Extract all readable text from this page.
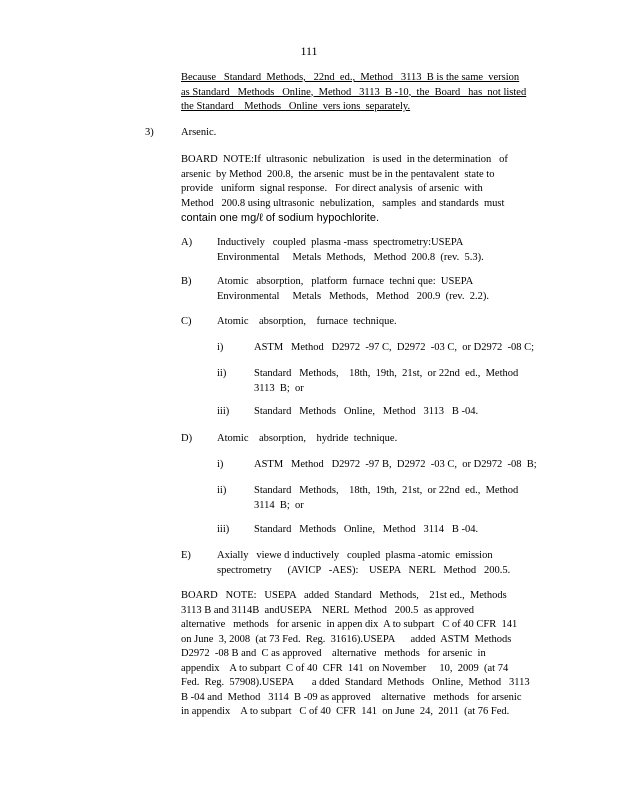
111

Because   Standard  Methods,   22nd  ed.,  Method   3113  B is the same  version

as Standard   Methods   Online,  Method   3113  B -10,  the  Board   has  not listed

the Standard    Methods   Online  vers ions  separately.

3)	Arsenic.

BOARD  NOTE:If  ultrasonic  nebulization   is used  in the determination   of

arsenic  by Method  200.8,  the arsenic  must be in the pentavalent  state to

provide   uniform  signal response.   For direct analysis  of arsenic  with

Method   200.8 using ultrasonic  nebulization,   samples  and standards  must

contain one mg/ℓ of sodium hypochlorite.

A) Inductively   coupled  plasma -mass  spectrometry:USEPA

Environmental     Metals  Methods,   Method  200.8  (rev.  5.3).

B) Atomic   absorption,   platform  furnace  techni que:  USEPA

Environmental     Metals   Methods,   Method   200.9  (rev.  2.2).

C) Atomic    absorption,    furnace  technique.

i)	ASTM   Method   D2972  -97 C,  D2972  -03 C,  or D2972  -08 C;

ii)	Standard   Methods,    18th,  19th,  21st,  or 22nd  ed.,  Method

3113  B;  or

iii) Standard   Methods   Online,   Method   3113   B -04.

D) Atomic    absorption,    hydride  technique.

i)	ASTM   Method   D2972  -97 B,  D2972  -03 C,  or D2972  -08  B;

ii)	Standard   Methods,    18th,  19th,  21st,  or 22nd  ed.,  Method

3114  B;  or

iii) Standard   Methods   Online,   Method   3114   B -04.

E) Axially   viewe d inductively   coupled  plasma -atomic  emission

spectrometry      (AVICP   -AES):    USEPA   NERL   Method   200.5.

BOARD   NOTE:   USEPA   added  Standard   Methods,    21st ed.,  Methods

3113 B and 3114B  andUSEPA    NERL  Method   200.5  as approved

alternative   methods   for arsenic  in appen dix  A to subpart   C of 40 CFR  141

on June  3, 2008  (at 73 Fed.  Reg.  31616).USEPA      added  ASTM  Methods

D2972  -08 B and  C as approved    alternative   methods   for arsenic  in

appendix    A to subpart  C of 40  CFR  141  on November     10,  2009  (at 74

Fed.  Reg.  57908).USEPA       a dded  Standard  Methods   Online,  Method   3113

B -04 and  Method   3114  B -09 as approved    alternative   methods   for arsenic

in appendix    A to subpart   C of 40  CFR  141  on June  24,  2011  (at 76 Fed.
